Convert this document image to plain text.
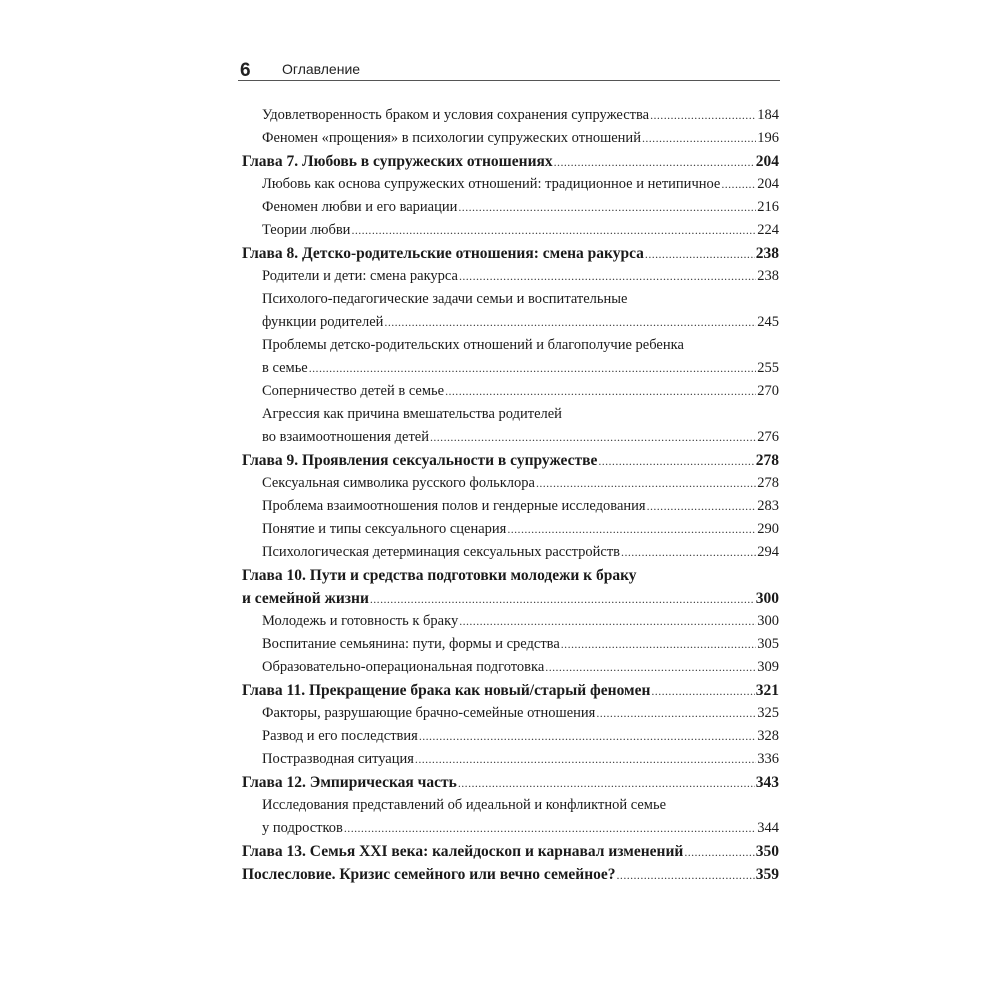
6 Оглавление
Удовлетворенность браком и условия сохранения супружества .....	184
Феномен «прощения» в психологии супружеских отношений .....	196
Глава 7. Любовь в супружеских отношениях .....	204
Любовь как основа супружеских отношений: традиционное и нетипичное .....	204
Феномен любви и его вариации .....	216
Теории любви .....	224
Глава 8. Детско-родительские отношения: смена ракурса .....	238
Родители и дети: смена ракурса .....	238
Психолого-педагогические задачи семьи и воспитательные
функции родителей .....	245
Проблемы детско-родительских отношений и благополучие ребенка
в семье .....	255
Соперничество детей в семье .....	270
Агрессия как причина вмешательства родителей
во взаимоотношения детей .....	276
Глава 9. Проявления сексуальности в супружестве .....	278
Сексуальная символика русского фольклора .....	278
Проблема взаимоотношения полов и гендерные исследования .....	283
Понятие и типы сексуального сценария .....	290
Психологическая детерминация сексуальных расстройств .....	294
Глава 10. Пути и средства подготовки молодежи к браку
и семейной жизни .....	300
Молодежь и готовность к браку .....	300
Воспитание семьянина: пути, формы и средства .....	305
Образовательно-операциональная подготовка .....	309
Глава 11. Прекращение брака как новый/старый феномен .....	321
Факторы, разрушающие брачно-семейные отношения .....	325
Развод и его последствия .....	328
Постразводная ситуация .....	336
Глава 12. Эмпирическая часть .....	343
Исследования представлений об идеальной и конфликтной семье
у подростков .....	344
Глава 13. Семья XXI века: калейдоскоп и карнавал изменений .....	350
Послесловие. Кризис семейного или вечно семейное? .....	359
